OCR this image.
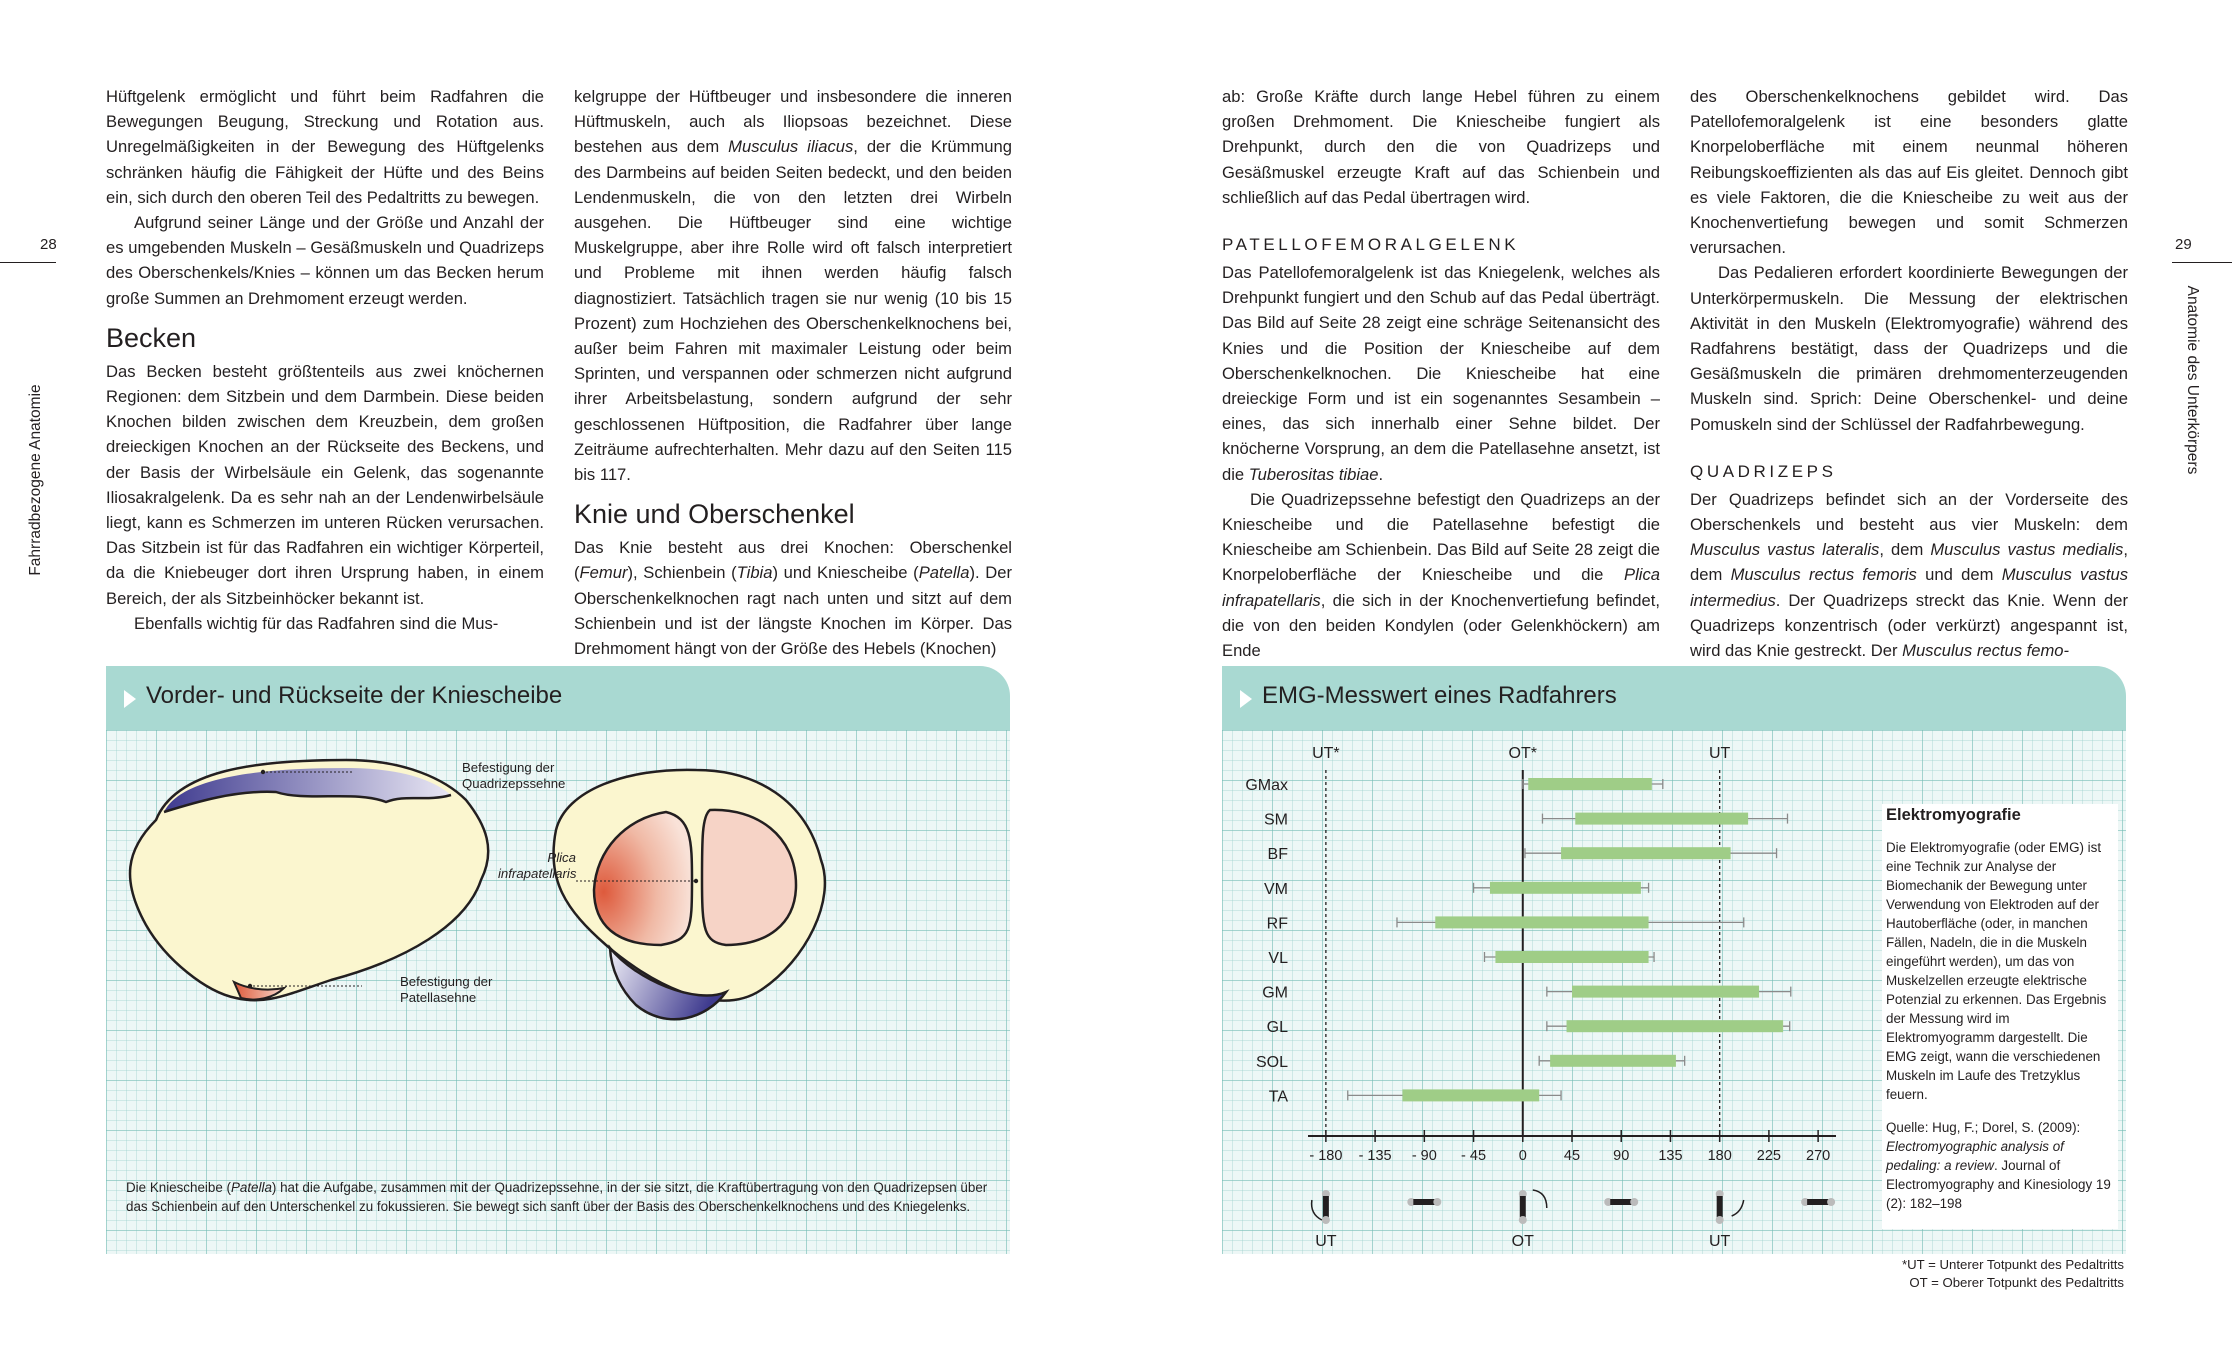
28
Fahrradbezogene Anatomie

Hüftgelenk ermöglicht und führt beim Radfahren die Bewegungen Beugung, Streckung und Rotation aus. Unregelmäßigkeiten in der Bewegung des Hüftgelenks schränken häufig die Fähigkeit der Hüfte und des Beins ein, sich durch den oberen Teil des Pedaltritts zu bewegen.

Aufgrund seiner Länge und der Größe und Anzahl der es umgebenden Muskeln – Gesäßmuskeln und Quadrizeps des Oberschenkels/Knies – können um das Becken herum große Summen an Drehmoment erzeugt werden.

Becken

Das Becken besteht größtenteils aus zwei knöchernen Regionen: dem Sitzbein und dem Darmbein. Diese beiden Knochen bilden zwischen dem Kreuzbein, dem großen dreieckigen Knochen an der Rückseite des Beckens, und der Basis der Wirbelsäule ein Gelenk, das sogenannte Iliosakralgelenk. Da es sehr nah an der Lendenwirbelsäule liegt, kann es Schmerzen im unteren Rücken verursachen. Das Sitzbein ist für das Radfahren ein wichtiger Körperteil, da die Kniebeuger dort ihren Ursprung haben, in einem Bereich, der als Sitzbeinhöcker bekannt ist.

Ebenfalls wichtig für das Radfahren sind die Mus-

kelgruppe der Hüftbeuger und insbesondere die inneren Hüftmuskeln, auch als Iliopsoas bezeichnet. Diese bestehen aus dem Musculus iliacus, der die Krümmung des Darmbeins auf beiden Seiten bedeckt, und den beiden Lendenmuskeln, die von den letzten drei Wirbeln ausgehen. Die Hüftbeuger sind eine wichtige Muskelgruppe, aber ihre Rolle wird oft falsch interpretiert und Probleme mit ihnen werden häufig falsch diagnostiziert. Tatsächlich tragen sie nur wenig (10 bis 15 Prozent) zum Hochziehen des Oberschenkelknochens bei, außer beim Fahren mit maximaler Leistung oder beim Sprinten, und verspannen oder schmerzen nicht aufgrund ihrer Arbeitsbelastung, sondern aufgrund der sehr geschlossenen Hüftposition, die Radfahrer über lange Zeiträume aufrechterhalten. Mehr dazu auf den Seiten 115 bis 117.

Knie und Oberschenkel

Das Knie besteht aus drei Knochen: Oberschenkel (Femur), Schienbein (Tibia) und Kniescheibe (Patella). Der Oberschenkelknochen ragt nach unten und sitzt auf dem Schienbein und ist der längste Knochen im Körper. Das Drehmoment hängt von der Größe des Hebels (Knochen)

Vorder- und Rückseite der Kniescheibe
Befestigung der
Quadrizepssehne
Befestigung der
Patellasehne
Plica
infrapatellaris
Die Kniescheibe (Patella) hat die Aufgabe, zusammen mit der Quadrizepssehne, in der sie sitzt, die Kraftübertragung von den Quadrizepsen über das Schienbein auf den Unterschenkel zu fokussieren. Sie bewegt sich sanft über der Basis des Oberschenkelknochens und des Kniegelenks.
29
Anatomie des Unterkörpers

ab: Große Kräfte durch lange Hebel führen zu einem großen Drehmoment. Die Kniescheibe fungiert als Drehpunkt, durch den die von Quadrizeps und Gesäßmuskel erzeugte Kraft auf das Schienbein und schließlich auf das Pedal übertragen wird.

PATELLOFEMORALGELENK

Das Patellofemoralgelenk ist das Kniegelenk, welches als Drehpunkt fungiert und den Schub auf das Pedal überträgt. Das Bild auf Seite 28 zeigt eine schräge Seitenansicht des Knies und die Position der Kniescheibe auf dem Oberschenkelknochen. Die Kniescheibe hat eine dreieckige Form und ist ein sogenanntes Sesambein – eines, das sich innerhalb einer Sehne bildet. Der knöcherne Vorsprung, an dem die Patellasehne ansetzt, ist die Tuberositas tibiae.

Die Quadrizepssehne befestigt den Quadrizeps an der Kniescheibe und die Patellasehne befestigt die Kniescheibe am Schienbein. Das Bild auf Seite 28 zeigt die Knorpeloberfläche der Kniescheibe und die Plica infrapatellaris, die sich in der Knochenvertiefung befindet, die von den beiden Kondylen (oder Gelenkhöckern) am Ende

des Oberschenkelknochens gebildet wird. Das Patellofemoralgelenk ist eine besonders glatte Knorpeloberfläche mit einem neunmal höheren Reibungskoeffizienten als das auf Eis gleitet. Dennoch gibt es viele Faktoren, die die Kniescheibe zu weit aus der Knochenvertiefung bewegen und somit Schmerzen verursachen.

Das Pedalieren erfordert koordinierte Bewegungen der Unterkörpermuskeln. Die Messung der elektrischen Aktivität in den Muskeln (Elektromyografie) während des Radfahrens bestätigt, dass der Quadrizeps und die Gesäßmuskeln die primären drehmomenterzeugenden Muskeln sind. Sprich: Deine Oberschenkel- und deine Pomuskeln sind der Schlüssel der Radfahrbewegung.

QUADRIZEPS

Der Quadrizeps befindet sich an der Vorderseite des Oberschenkels und besteht aus vier Muskeln: dem Musculus vastus lateralis, dem Musculus vastus medialis, dem Musculus rectus femoris und dem Musculus vastus intermedius. Der Quadrizeps streckt das Knie. Wenn der Quadrizeps konzentrisch (oder verkürzt) angespannt ist, wird das Knie gestreckt. Der Musculus rectus femo-

EMG-Messwert eines Radfahrers
UT*	OT*	UT
- 180 - 135 - 90 - 45 0	45 90 135 180 225 270
GMax
SM
BF
VM
RF
VL
GM
GL
SOL
TA
UT	OT	UT
Elektromyografie

Die Elektromyografie (oder EMG) ist eine Technik zur Analyse der Biomechanik der Bewegung unter Verwendung von Elektroden auf der Hautoberfläche (oder, in manchen Fällen, Nadeln, die in die Muskeln eingeführt werden), um das von Muskelzellen erzeugte elektrische Potenzial zu erkennen. Das Ergebnis der Messung wird im Elektromyogramm dargestellt. Die EMG zeigt, wann die verschiedenen Muskeln im Laufe des Tretzyklus feuern.

Quelle: Hug, F.; Dorel, S. (2009): Electromyographic analysis of pedaling: a review. Journal of Electromyography and Kinesiology 19 (2): 182–198

*UT = Unterer Totpunkt des Pedaltritts
OT = Oberer Totpunkt des Pedaltritts
